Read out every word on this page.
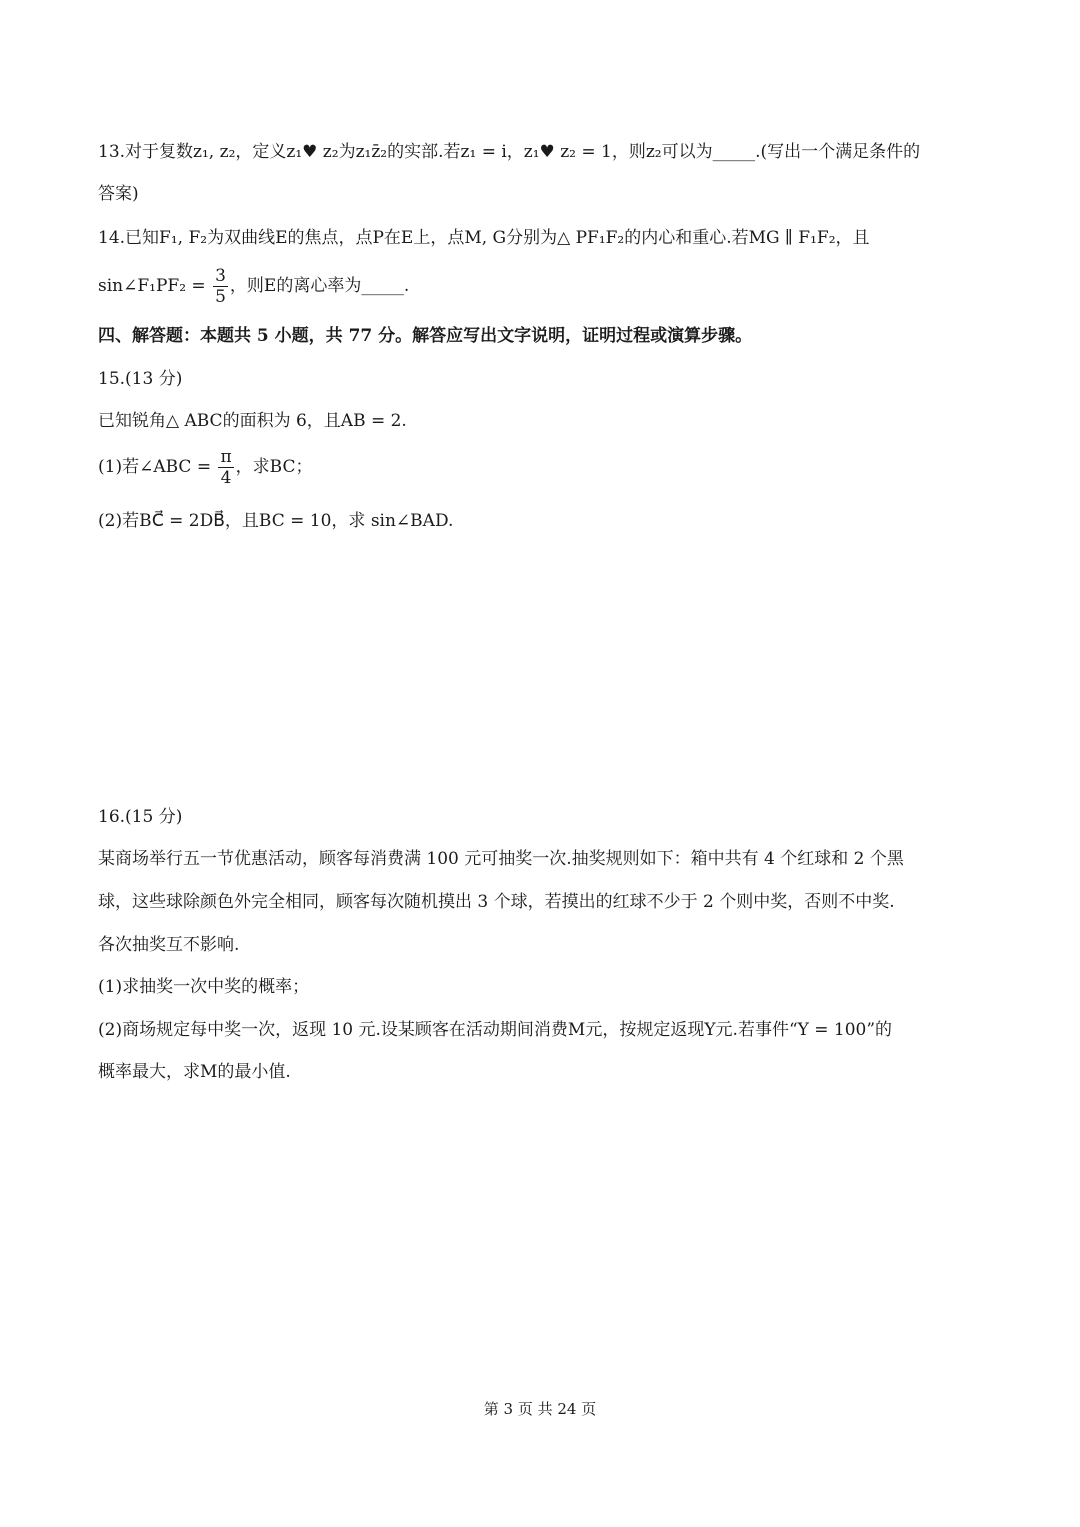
13.对于复数z₁, z₂，定义z₁♥ z₂为z₁z̄₂的实部.若z₁ = i，z₁♥ z₂ = 1，则z₂可以为_____.(写出一个满足条件的
答案)
14.已知F₁, F₂为双曲线E的焦点，点P在E上，点M, G分别为△ PF₁F₂的内心和重心.若MG ∥ F₁F₂，且
sin∠F₁PF₂ = $\frac{3}{5}$ ，则E的离心率为_____.
四、解答题：本题共 5 小题，共 77 分。解答应写出文字说明，证明过程或演算步骤。
15.(13 分)
已知锐角△ ABC的面积为 6，且AB = 2.
(1)若∠ABC = $\frac{\pi}{4}$ ，求BC；
(2)若BC⃗ = 2DB⃗，且BC = 10，求 sin∠BAD.
16.(15 分)
某商场举行五一节优惠活动，顾客每消费满 100 元可抽奖一次.抽奖规则如下：箱中共有 4 个红球和 2 个黑
球，这些球除颜色外完全相同，顾客每次随机摸出 3 个球，若摸出的红球不少于 2 个则中奖，否则不中奖.
各次抽奖互不影响.
(1)求抽奖一次中奖的概率；
(2)商场规定每中奖一次，返现 10 元.设某顾客在活动期间消费M元，按规定返现Y元.若事件“Y = 100”的
概率最大，求M的最小值.
第 3 页 共 24 页
